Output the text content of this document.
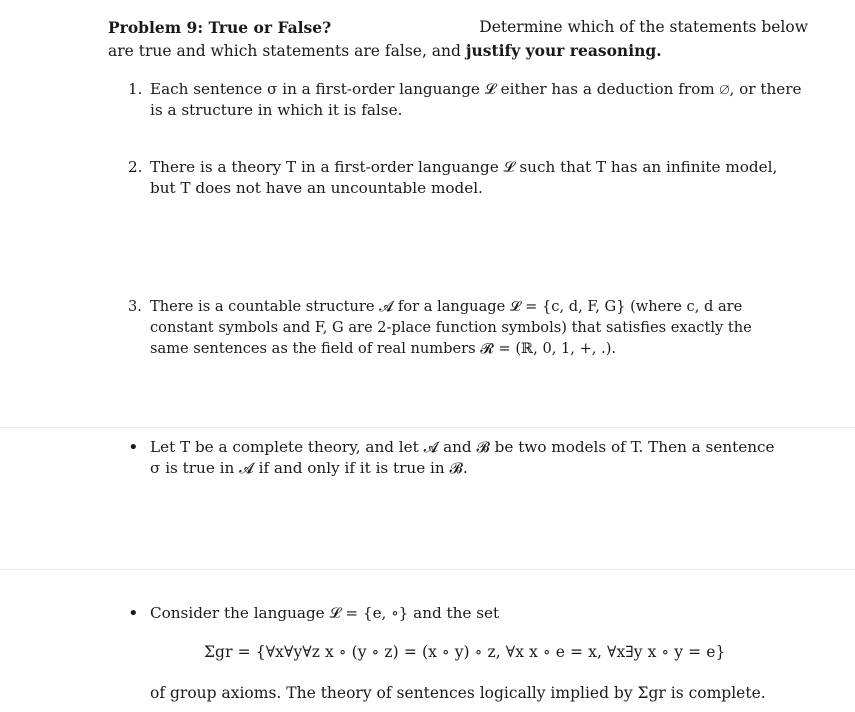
Problem 9: True or False?	Determine which of the statements below
are true and which statements are false, and justify your reasoning.
1. Each sentence σ in a first-order languange 𝓛 either has a deduction from ∅, or there
is a structure in which it is false.
2. There is a theory T in a first-order languange 𝓛 such that T has an infinite model,
but T does not have an uncountable model.
3. There is a countable structure 𝓐 for a language 𝓛 = {c, d, F, G} (where c, d are
constant symbols and F, G are 2-place function symbols) that satisfies exactly the
same sentences as the field of real numbers 𝓡 = (ℝ, 0, 1, +, .).
• Let T be a complete theory, and let 𝓐 and 𝓑 be two models of T. Then a sentence
σ is true in 𝓐 if and only if it is true in 𝓑.
• Consider the language 𝓛 = {e, ∘} and the set
Σgr = {∀x∀y∀z x ∘ (y ∘ z) = (x ∘ y) ∘ z, ∀x x ∘ e = x, ∀x∃y x ∘ y = e}
of group axioms. The theory of sentences logically implied by Σgr is complete.
